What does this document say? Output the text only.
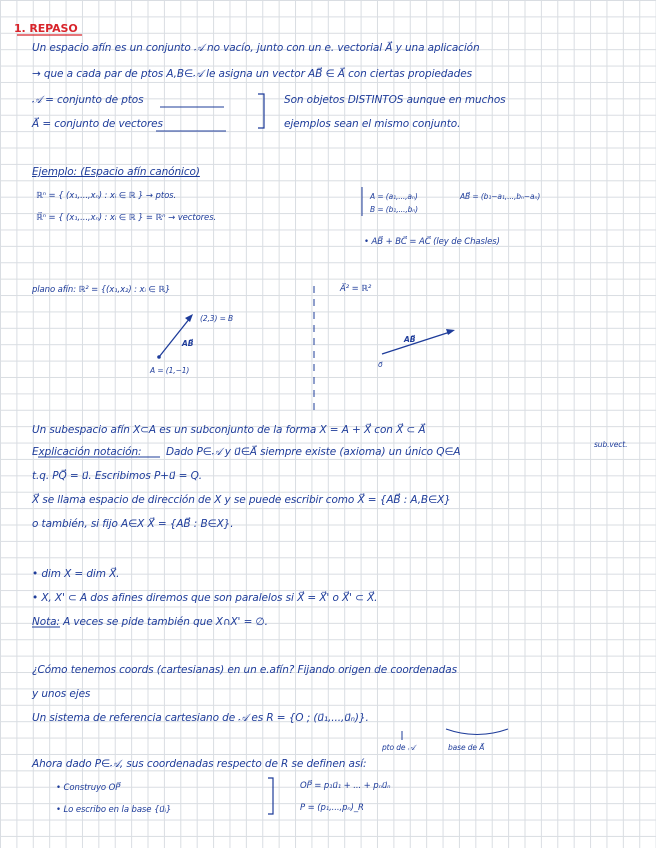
1. REPASO
Un espacio afín es un conjunto 𝒜 no vacío, junto con un e. vectorial A⃗ y una aplicación
→ que a cada par de ptos A,B∈𝒜 le asigna un vector AB⃗ ∈ A⃗ con ciertas propiedades
𝒜 = conjunto de ptos
A⃗ = conjunto de vectores
Son objetos DISTINTOS aunque en muchos
ejemplos sean el mismo conjunto.
Ejemplo: (Espacio afín canónico)
ℝⁿ = { (x₁,...,xₙ) : xᵢ ∈ ℝ } → ptos.
ℝ⃗ⁿ = { (x₁,...,xₙ) : xᵢ ∈ ℝ } = ℝⁿ → vectores.
A = (a₁,...,aₙ)
B = (b₁,...,bₙ)
AB⃗ = (b₁−a₁,...,bₙ−aₙ)
• AB⃗ + BC⃗ = AC⃗ (ley de Chasles)
plano afín: ℝ² = {(x₁,x₂) : xᵢ ∈ ℝ}	A⃗² = ℝ²
(2,3) = B
AB⃗
A = (1,−1)
AB⃗
o⃗
Un subespacio afín X⊂A es un subconjunto de la forma X = A + X⃗ con X⃗ ⊂ A⃗
sub.vect.
Explicación notación: Dado P∈𝒜 y u⃗∈A⃗ siempre existe (axioma) un único Q∈A
t.q. PQ⃗ = u⃗. Escribimos P+u⃗ = Q.
X⃗ se llama espacio de dirección de X y se puede escribir como X⃗ = {AB⃗ : A,B∈X}
o también, si fijo A∈X X⃗ = {AB⃗ : B∈X}.
• dim X = dim X⃗.
• X, X' ⊂ A dos afines diremos que son paralelos si X⃗ = X⃗' o X⃗' ⊂ X⃗.
Nota: A veces se pide también que X∩X' = ∅.
¿Cómo tenemos coords (cartesianas) en un e.afín? Fijando origen de coordenadas
y unos ejes
Un sistema de referencia cartesiano de 𝒜 es R = {O ; (u⃗₁,...,u⃗ₙ)}.
pto de 𝒜	base de A⃗
Ahora dado P∈𝒜, sus coordenadas respecto de R se definen así:
• Construyo OP⃗
• Lo escribo en la base {u⃗ᵢ}
OP⃗ = p₁u⃗₁ + ... + pₙu⃗ₙ
P = (p₁,...,pₙ)_R
